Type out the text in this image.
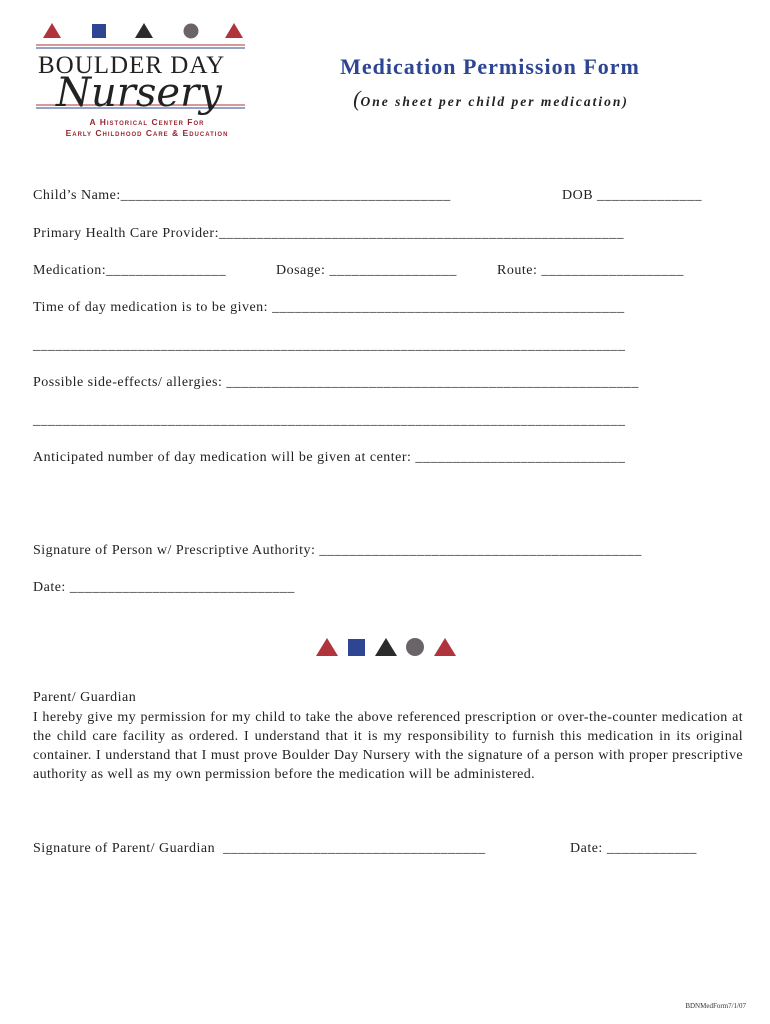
BOULDER DAY
Nursery
A Historical Center For
Early Childhood Care & Education
Medication Permission Form
(One sheet per child per medication)
Child’s Name:____________________________________________	DOB ______________
Primary Health Care Provider:______________________________________________________
Medication:________________	Dosage: _________________	Route: ___________________
Time of day medication is to be given: _______________________________________________
_______________________________________________________________________________
Possible side-effects/ allergies: _______________________________________________________
_______________________________________________________________________________
Anticipated number of day medication will be given at center: ____________________________
Signature of Person w/ Prescriptive Authority: ___________________________________________
Date: ______________________________
Parent/ Guardian
I hereby give my permission for my child to take the above referenced prescription or over-the-counter medication at the child care facility as ordered. I understand that it is my responsibility to furnish this medication in its original container. I understand that I must prove Boulder Day Nursery with the signature of a person with proper prescriptive authority as well as my own permission before the medication will be administered.
Signature of Parent/ Guardian  ___________________________________	Date: ____________
BDNMedForm7/1/07
